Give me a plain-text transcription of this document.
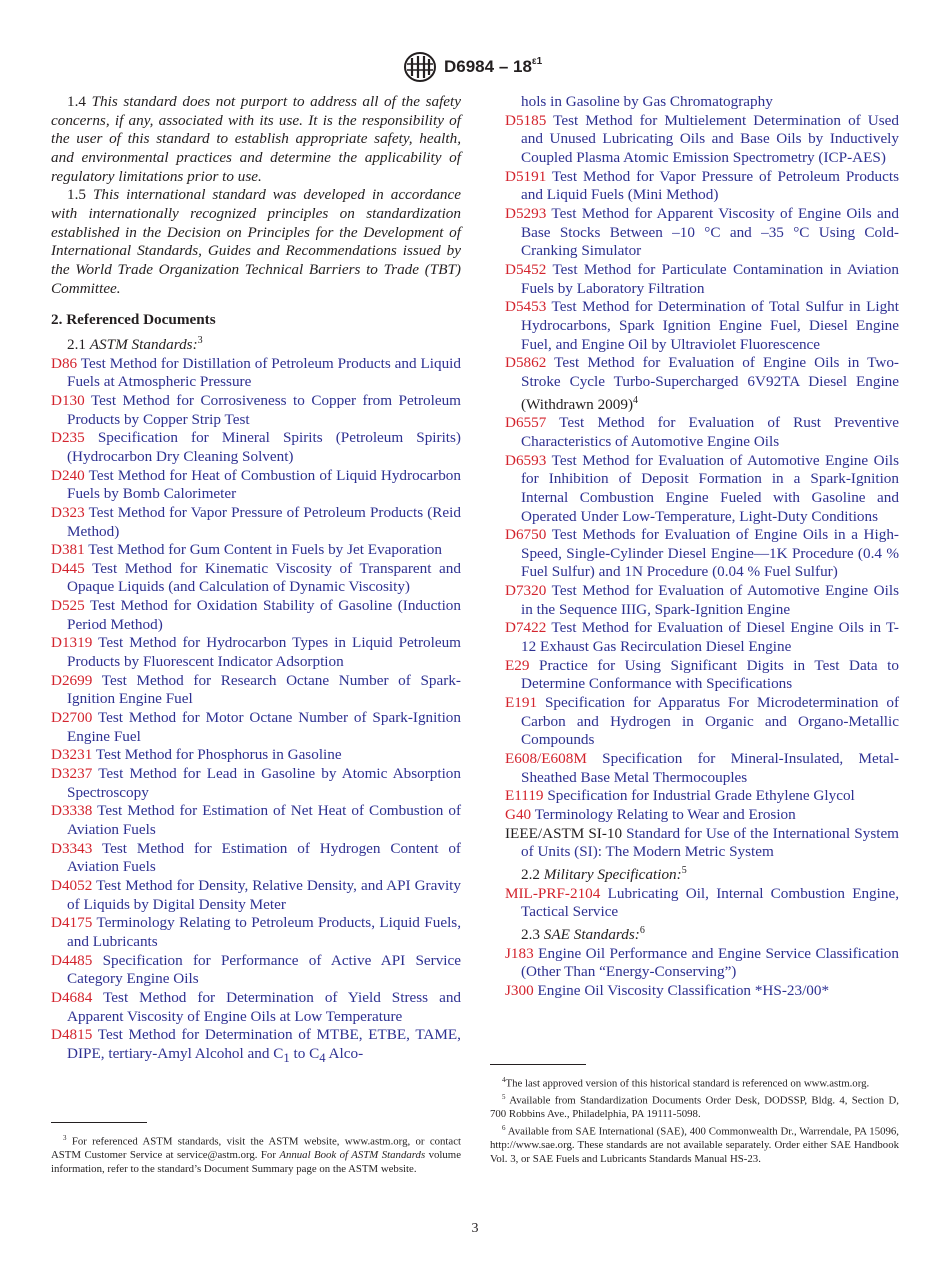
$D6984 - 18^{\varepsilon 1}$

1.4 This standard does not purport to address all of the safety concerns, if any, associated with its use. It is the responsibility of the user of this standard to establish appropriate safety, health, and environmental practices and determine the applicability of regulatory limitations prior to use.

1.5 This international standard was developed in accordance with internationally recognized principles on standardization established in the Decision on Principles for the Development of International Standards, Guides and Recommendations issued by the World Trade Organization Technical Barriers to Trade (TBT) Committee.

2. Referenced Documents

2.1 ASTM Standards:$^3$

D86 Test Method for Distillation of Petroleum Products and Liquid Fuels at Atmospheric Pressure

D130 Test Method for Corrosiveness to Copper from Petroleum Products by Copper Strip Test

D235 Specification for Mineral Spirits (Petroleum Spirits) (Hydrocarbon Dry Cleaning Solvent)

D240 Test Method for Heat of Combustion of Liquid Hydrocarbon Fuels by Bomb Calorimeter

D323 Test Method for Vapor Pressure of Petroleum Products (Reid Method)

D381 Test Method for Gum Content in Fuels by Jet Evaporation

D445 Test Method for Kinematic Viscosity of Transparent and Opaque Liquids (and Calculation of Dynamic Viscosity)

D525 Test Method for Oxidation Stability of Gasoline (Induction Period Method)

D1319 Test Method for Hydrocarbon Types in Liquid Petroleum Products by Fluorescent Indicator Adsorption

D2699 Test Method for Research Octane Number of Spark-Ignition Engine Fuel

D2700 Test Method for Motor Octane Number of Spark-Ignition Engine Fuel

D3231 Test Method for Phosphorus in Gasoline

D3237 Test Method for Lead in Gasoline by Atomic Absorption Spectroscopy

D3338 Test Method for Estimation of Net Heat of Combustion of Aviation Fuels

D3343 Test Method for Estimation of Hydrogen Content of Aviation Fuels

D4052 Test Method for Density, Relative Density, and API Gravity of Liquids by Digital Density Meter

D4175 Terminology Relating to Petroleum Products, Liquid Fuels, and Lubricants

D4485 Specification for Performance of Active API Service Category Engine Oils

D4684 Test Method for Determination of Yield Stress and Apparent Viscosity of Engine Oils at Low Temperature

D4815 Test Method for Determination of MTBE, ETBE, TAME, DIPE, tertiary-Amyl Alcohol and $C_1$ to $C_4$ Alco-

hols in Gasoline by Gas Chromatography

D5185 Test Method for Multielement Determination of Used and Unused Lubricating Oils and Base Oils by Inductively Coupled Plasma Atomic Emission Spectrometry (ICP-AES)

D5191 Test Method for Vapor Pressure of Petroleum Products and Liquid Fuels (Mini Method)

D5293 Test Method for Apparent Viscosity of Engine Oils and Base Stocks Between –10 °C and –35 °C Using Cold-Cranking Simulator

D5452 Test Method for Particulate Contamination in Aviation Fuels by Laboratory Filtration

D5453 Test Method for Determination of Total Sulfur in Light Hydrocarbons, Spark Ignition Engine Fuel, Diesel Engine Fuel, and Engine Oil by Ultraviolet Fluorescence

D5862 Test Method for Evaluation of Engine Oils in Two-Stroke Cycle Turbo-Supercharged 6V92TA Diesel Engine (Withdrawn 2009)$^4$

D6557 Test Method for Evaluation of Rust Preventive Characteristics of Automotive Engine Oils

D6593 Test Method for Evaluation of Automotive Engine Oils for Inhibition of Deposit Formation in a Spark-Ignition Internal Combustion Engine Fueled with Gasoline and Operated Under Low-Temperature, Light-Duty Conditions

D6750 Test Methods for Evaluation of Engine Oils in a High-Speed, Single-Cylinder Diesel Engine—1K Procedure (0.4 % Fuel Sulfur) and 1N Procedure (0.04 % Fuel Sulfur)

D7320 Test Method for Evaluation of Automotive Engine Oils in the Sequence IIIG, Spark-Ignition Engine

D7422 Test Method for Evaluation of Diesel Engine Oils in T-12 Exhaust Gas Recirculation Diesel Engine

E29 Practice for Using Significant Digits in Test Data to Determine Conformance with Specifications

E191 Specification for Apparatus For Microdetermination of Carbon and Hydrogen in Organic and Organo-Metallic Compounds

E608/E608M Specification for Mineral-Insulated, Metal-Sheathed Base Metal Thermocouples

E1119 Specification for Industrial Grade Ethylene Glycol

G40 Terminology Relating to Wear and Erosion

IEEE/ASTM SI-10 Standard for Use of the International System of Units (SI): The Modern Metric System

2.2 Military Specification:$^5$

MIL-PRF-2104 Lubricating Oil, Internal Combustion Engine, Tactical Service

2.3 SAE Standards:$^6$

J183 Engine Oil Performance and Engine Service Classification (Other Than “Energy-Conserving”)

J300 Engine Oil Viscosity Classification *HS-23/00*

$^3$ For referenced ASTM standards, visit the ASTM website, www.astm.org, or contact ASTM Customer Service at service@astm.org. For Annual Book of ASTM Standards volume information, refer to the standard’s Document Summary page on the ASTM website.

$^4$The last approved version of this historical standard is referenced on www.astm.org.

$^5$ Available from Standardization Documents Order Desk, DODSSP, Bldg. 4, Section D, 700 Robbins Ave., Philadelphia, PA 19111-5098.

$^6$ Available from SAE International (SAE), 400 Commonwealth Dr., Warrendale, PA 15096, http://www.sae.org. These standards are not available separately. Order either SAE Handbook Vol. 3, or SAE Fuels and Lubricants Standards Manual HS-23.

3
